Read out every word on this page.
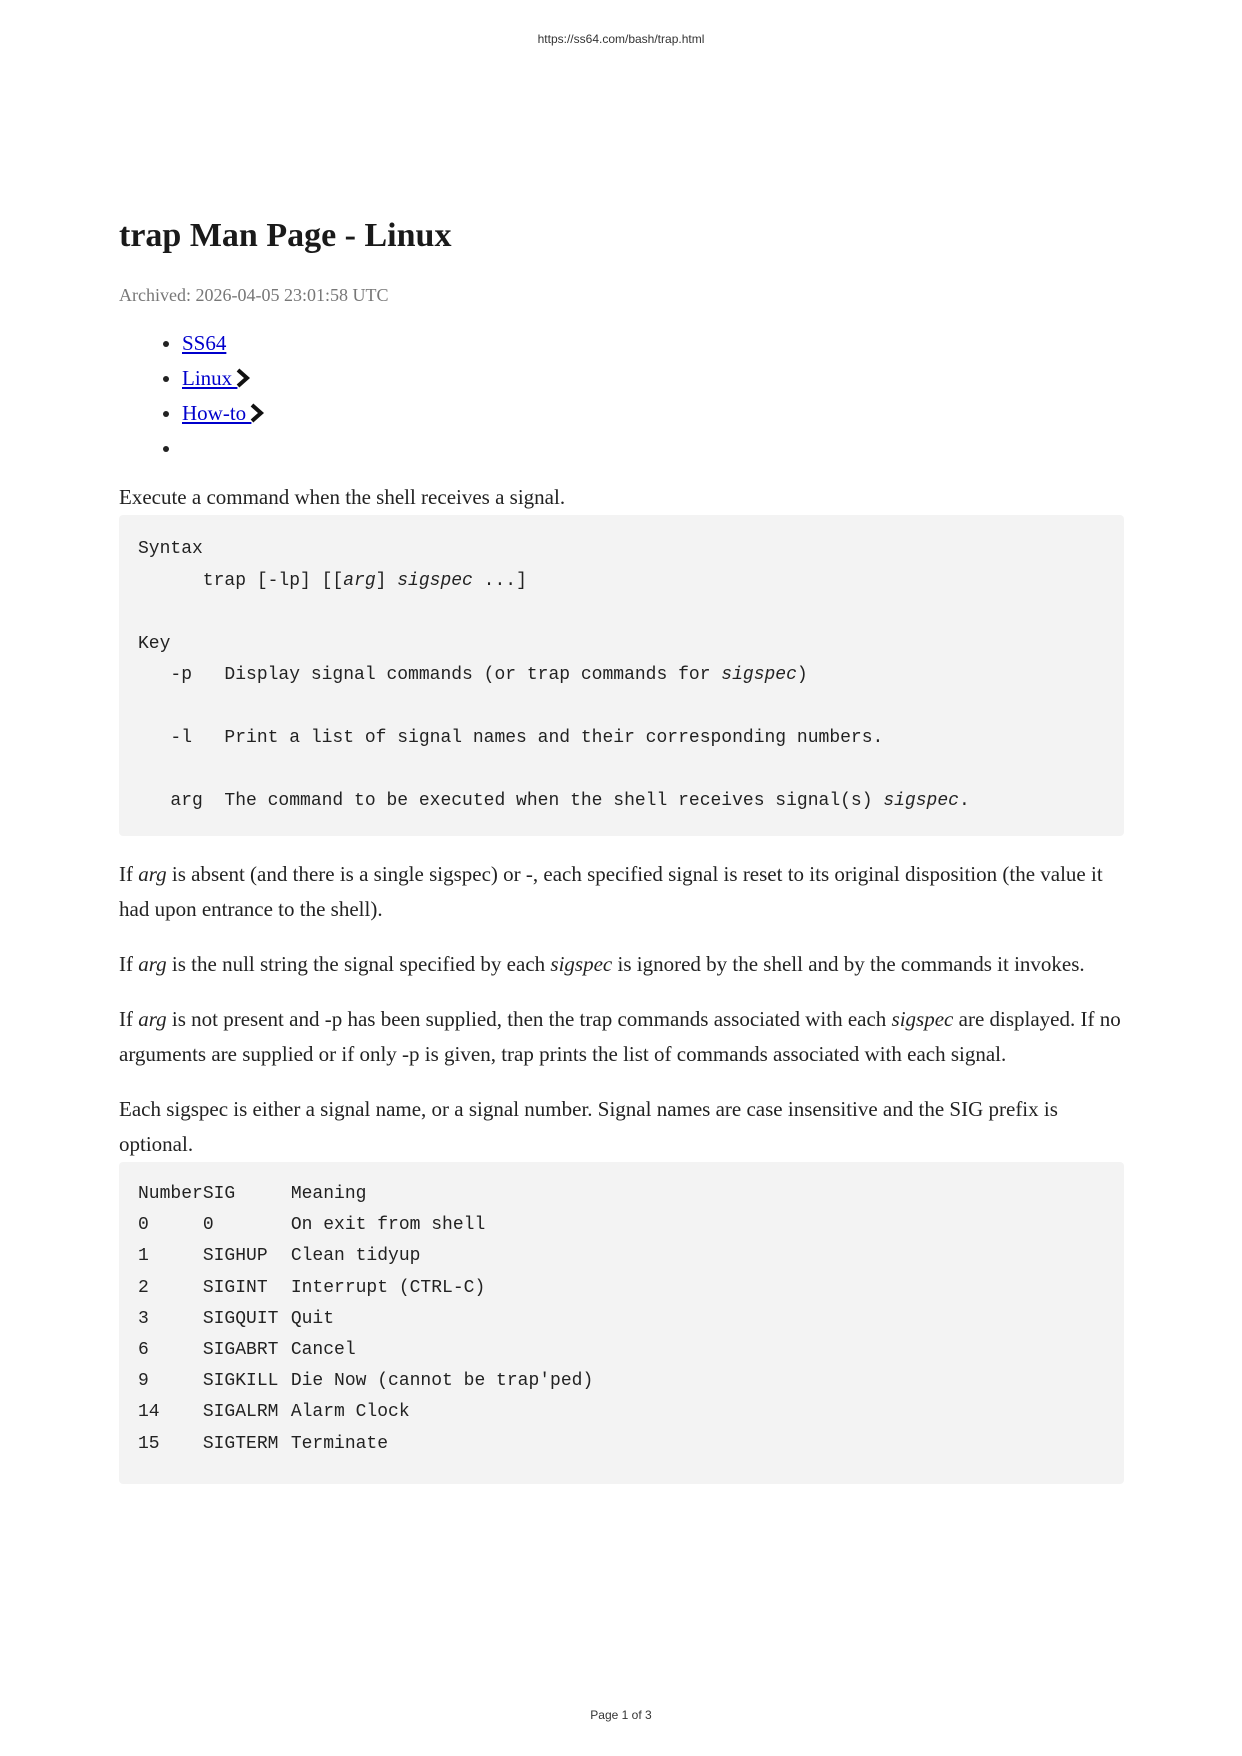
https://ss64.com/bash/trap.html
trap Man Page - Linux
Archived: 2026-04-05 23:01:58 UTC
• SS64
• Linux
• How-to
•

Execute a command when the shell receives a signal.

Syntax
trap [-lp] [[arg] sigspec ...]

Key
-p   Display signal commands (or trap commands for sigspec)

-l   Print a list of signal names and their corresponding numbers.

arg  The command to be executed when the shell receives signal(s) sigspec.

If arg is absent (and there is a single sigspec) or -, each specified signal is reset to its original disposition (the value it had upon entrance to the shell).

If arg is the null string the signal specified by each sigspec is ignored by the shell and by the commands it invokes.

If arg is not present and -p has been supplied, then the trap commands associated with each sigspec are displayed. If no arguments are supplied or if only -p is given, trap prints the list of commands associated with each signal.

Each sigspec is either a signal name, or a signal number. Signal names are case insensitive and the SIG prefix is optional.

Number	SIG	Meaning
0	0	On exit from shell
1	SIGHUP	Clean tidyup
2	SIGINT	Interrupt (CTRL-C)
3	SIGQUIT	Quit
6	SIGABRT	Cancel
9	SIGKILL	Die Now (cannot be trap'ped)
14	SIGALRM	Alarm Clock
15	SIGTERM	Terminate
Page 1 of 3
